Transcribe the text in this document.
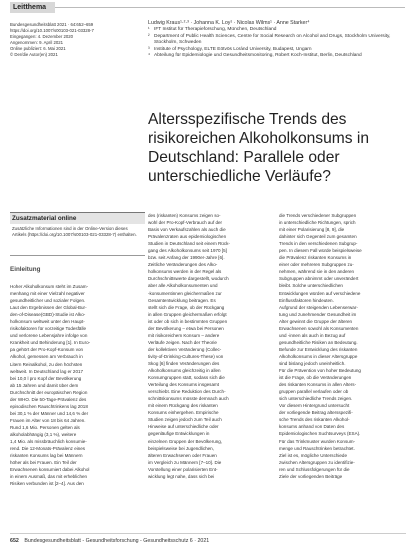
Leitthema
Bundesgesundheitsblatt 2021 · 64:652–659
https://doi.org/10.1007/s00103-021-03328-7
Eingegangen: 4. Dezember 2020
Angenommen: 9. April 2021
Online publiziert: 6. Mai 2021
© Der/die Autor(en) 2021
Ludwig Kraus¹·²·³ · Johanna K. Loy¹ · Nicolas Wilms¹ · Anne Starker⁴
¹ IFT Institut für Therapieforschung, München, Deutschland
² Department of Public Health Sciences, Centre for Social Research on Alcohol and Drugs, Stockholm University, Stockholm, Schweden
³ Institute of Psychology, ELTE Eötvös Loránd University, Budapest, Ungarn
⁴ Abteilung für Epidemiologie und Gesundheitsmonitoring, Robert Koch-Institut, Berlin, Deutschland
Altersspezifische Trends des risikoreichen Alkoholkonsums in Deutschland: Parallele oder unterschiedliche Verläufe?
Zusatzmaterial online
Zusätzliche Informationen sind in der Online-Version dieses Artikels (https://doi.org/10.1007/s00103-021-03328-7) enthalten.
Einleitung
Hoher Alkoholkonsum steht im Zusam-
menhang mit einer Vielzahl negativer
gesundheitlicher und sozialer Folgen.
Laut den Ergebnissen der Global-Bur-
den-of-Disease(GBD)-Studie ist Alko-
holkonsum weltweit unter den Haupt-
risikofaktoren für vorzeitige Todesfälle
und verlorene Lebensjahre infolge von
Krankheit und Behinderung [1]. In Euro-
pa gehört der Pro-Kopf-Konsum von
Alkohol, gemessen am Verbrauch in
Litern Reinalkohol, zu den höchsten
weltweit. In Deutschland lag er 2017
bei 10,0 l pro Kopf der Bevölkerung
ab 15 Jahren und damit über dem
Durchschnitt der europäischen Region
der WHO. Die 50-Tage-Prävalenz des
episodischen Rauschtrinkens lag 2018
bei 30,1 % der Männer und 14,6 % der
Frauen im Alter von 18 bis 64 Jahren.
Rund 1,6 Mio. Personen gelten als
alkoholabhängig (3,1 %), weitere
1,4 Mio. als missbräuchlich konsumie-
rend. Die 12-Monats-Prävalenz eines
riskanten Konsums lag bei Männern
höher als bei Frauen. Ein Teil der
Erwachsenen konsumiert dabei Alkohol
in einem Ausmaß, das mit erheblichen
Risiken verbunden ist [2–4]. Aus den
des (riskanten) Konsums zeigen so-
wohl der Pro-Kopf-Verbrauch auf der
Basis von Verkaufszahlen als auch die
Prävalenzraten aus epidemiologischen
Studien in Deutschland seit einem Rück-
gang des Alkoholkonsums seit 1970 [5]
bzw. seit Anfang der 1990er-Jahre [6].
Zeitliche Veränderungen des Alko-
holkonsums werden in der Regel als
Durchschnittswerte dargestellt, wodurch
aber alle Alkoholkonsumenten und
-konsumentinnen gleichermaßen zur
Gesamtentwicklung beitragen. Es
stellt sich die Frage, ob der Rückgang
in allen Gruppen gleichermaßen erfolgt
ist oder ob sich in bestimmten Gruppen
der Bevölkerung – etwa bei Personen
mit risikoreichem Konsum – andere
Verläufe zeigen. Nach der Theorie
der kollektiven Veränderung (Collec-
tivity-of-Drinking-Cultures-These) von
Skog [6] finden Veränderungen des
Alkoholkonsums gleichzeitig in allen
Konsumgruppen statt, sodass sich die
Verteilung des Konsums insgesamt
verschiebt. Eine Reduktion des Durch-
schnittskonsums müsste demnach auch
mit einem Rückgang des riskanten
Konsums einhergehen. Empirische
Studien zeigen jedoch zum Teil auch
Hinweise auf unterschiedliche oder
gegenläufige Entwicklungen in
einzelnen Gruppen der Bevölkerung,
beispielsweise bei Jugendlichen,
älteren Erwachsenen oder Frauen
im Vergleich zu Männern [7–10]. Die
Vorstellung einer polarisierten Ent-
wicklung legt nahe, dass sich bei
die Trends verschiedener Subgruppen
in unterschiedliche Richtungen, sprich
mit einer Polarisierung [8, 9], die
dahinter sich Gegenteil zum gesamten
Trends in den verschiedenen Subgrup-
pen. In diesem Fall würde beispielsweise
die Prävalenz riskanten Konsums in
einer oder mehreren Subgruppen zu-
nehmen, während sie in den anderen
Subgruppen abnimmt oder unverändert
bleibt. Solche unterschiedlichen
Entwicklungen würden auf verschiedene
Einflussfaktoren hindeuten.
Aufgrund der steigenden Lebenserwar-
tung und zunehmender Gesundheit im
Alter gewinnt die Gruppe der älteren
Erwachsenen sowohl als Konsumenten
und -innen als auch in Bezug auf
gesundheitliche Risiken an Bedeutung.
Befunde zur Entwicklung des riskanten
Alkoholkonsums in dieser Altersgruppe
sind bislang jedoch uneinheitlich.
Für die Prävention von hoher Bedeutung
ist die Frage, ob die Veränderungen
des riskanten Konsums in allen Alters-
gruppen parallel verlaufen oder ob
sich unterschiedliche Trends zeigen.
Vor diesem Hintergrund untersucht
der vorliegende Beitrag altersspezifi-
sche Trends des riskanten Alkohol-
konsums anhand von Daten des
Epidemiologischen Suchtsurveys (ESA).
Für das Trinkmuster wurden Konsum-
menge und Rauschtrinken betrachtet.
Ziel ist es, mögliche Unterschiede
zwischen Altersgruppen zu identifizie-
ren und Schlussfolgerungen für die
Ziele der vorliegenden Beiträge
652 Bundesgesundheitsblatt - Gesundheitsforschung - Gesundheitsschutz 6 · 2021
